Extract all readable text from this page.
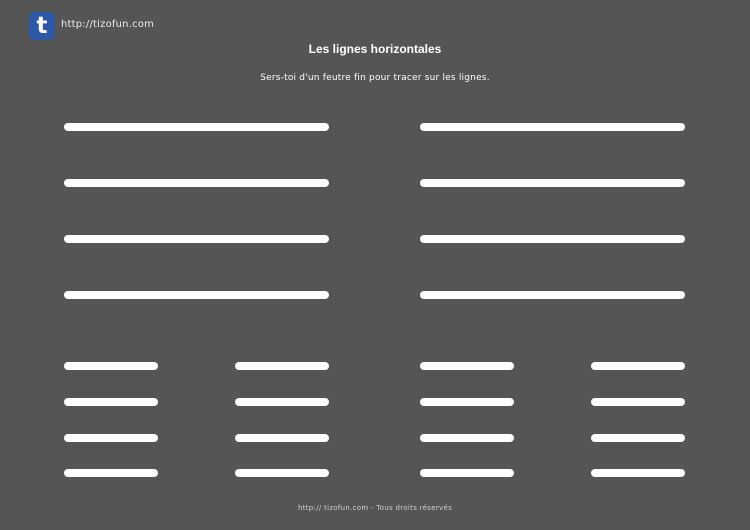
t	http://tizofun.com
Les lignes horizontales
Sers-toi d'un feutre fin pour tracer sur les lignes.
http:// tizofun.com - Tous droits réservés
